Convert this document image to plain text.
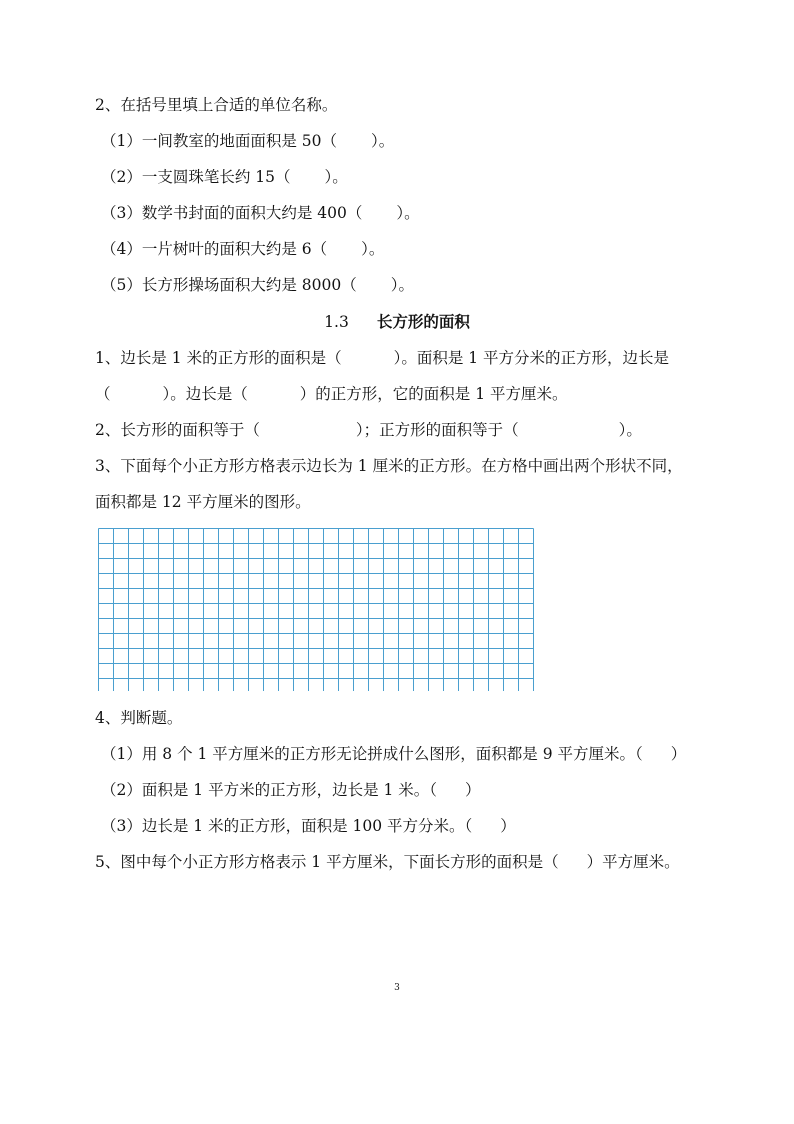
2、在括号里填上合适的单位名称。

（1）一间教室的地面面积是 50（ ）。

（2）一支圆珠笔长约 15（ ）。

（3）数学书封面的面积大约是 400（ ）。

（4）一片树叶的面积大约是 6（ ）。

（5）长方形操场面积大约是 8000（ ）。

1.3 长方形的面积

1、边长是 1 米的正方形的面积是（	）。面积是 1 平方分米的正方形，边长是

（	）。边长是（	）的正方形，它的面积是 1 平方厘米。

2、长方形的面积等于（	）；正方形的面积等于（	）。

3、下面每个小正方形方格表示边长为 1 厘米的正方形。在方格中画出两个形状不同，

面积都是 12 平方厘米的图形。

4、判断题。

（1）用 8 个 1 平方厘米的正方形无论拼成什么图形，面积都是 9 平方厘米。（ ）

（2）面积是 1 平方米的正方形，边长是 1 米。（ ）

（3）边长是 1 米的正方形，面积是 100 平方分米。（ ）

5、图中每个小正方形方格表示 1 平方厘米，下面长方形的面积是（ ）平方厘米。

3
